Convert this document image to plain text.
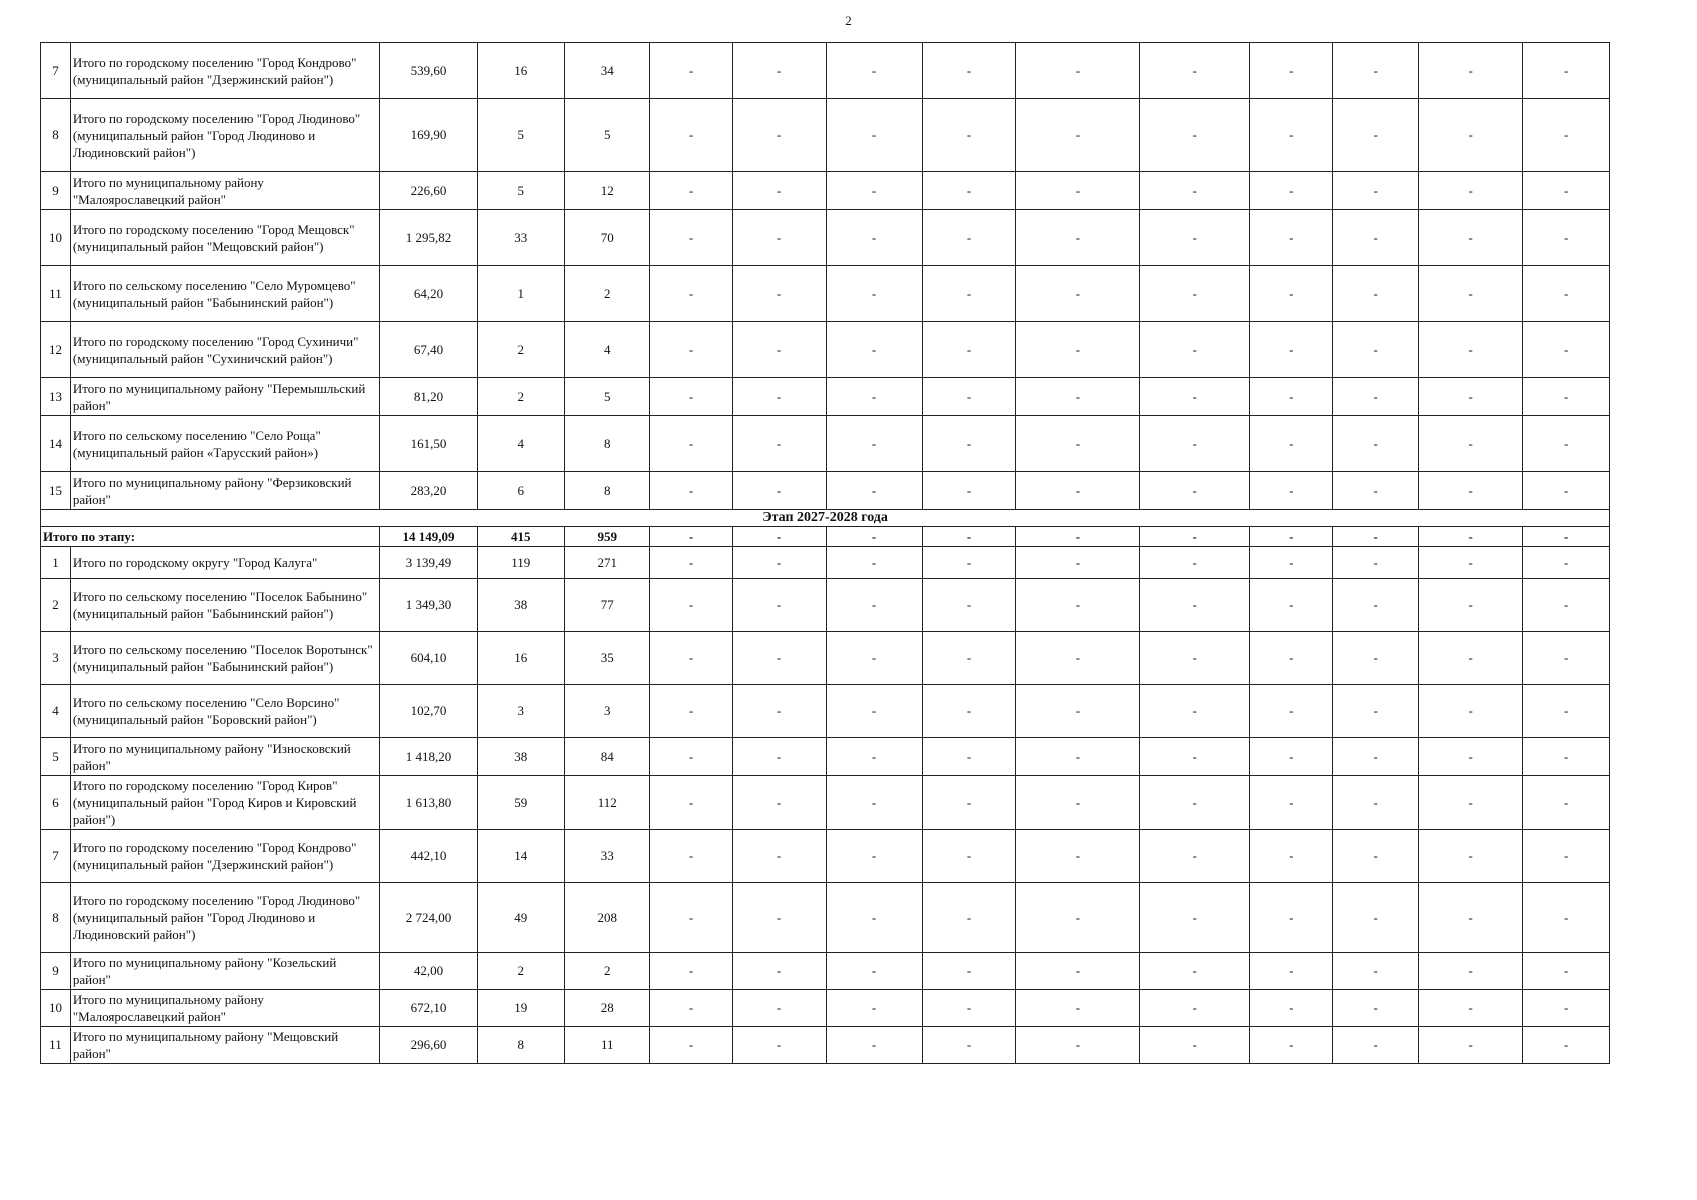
2
7	Итого по городскому поселению "Город Кондрово" (муниципальный район "Дзержинский район")	539,60	16	34	-	-	-	-	-	-	-	-	-	-
8	Итого по городскому поселению "Город Людиново" (муниципальный район "Город Людиново и Людиновский район")	169,90	5	5	-	-	-	-	-	-	-	-	-	-
9	Итого по муниципальному району "Малоярославецкий район"	226,60	5	12	-	-	-	-	-	-	-	-	-	-
10	Итого по городскому поселению "Город Мещовск" (муниципальный район "Мещовский район")	1 295,82	33	70	-	-	-	-	-	-	-	-	-	-
11	Итого по сельскому поселению "Село Муромцево" (муниципальный район "Бабынинский район")	64,20	1	2	-	-	-	-	-	-	-	-	-	-
12	Итого по городскому поселению "Город Сухиничи" (муниципальный район "Сухиничский район")	67,40	2	4	-	-	-	-	-	-	-	-	-	-
13	Итого по муниципальному району "Перемышльский район"	81,20	2	5	-	-	-	-	-	-	-	-	-	-
14	Итого по сельскому поселению "Село Роща" (муниципальный район «Тарусский район»)	161,50	4	8	-	-	-	-	-	-	-	-	-	-
15	Итого по муниципальному району "Ферзиковский район"	283,20	6	8	-	-	-	-	-	-	-	-	-	-
Этап 2027-2028 года														
Итого по этапу:		14 149,09	415	959	-	-	-	-	-	-	-	-	-	-
1	Итого по городскому округу "Город Калуга"	3 139,49	119	271	-	-	-	-	-	-	-	-	-	-
2	Итого по сельскому поселению "Поселок Бабынино" (муниципальный район "Бабынинский район")	1 349,30	38	77	-	-	-	-	-	-	-	-	-	-
3	Итого по сельскому поселению "Поселок Воротынск" (муниципальный район "Бабынинский район")	604,10	16	35	-	-	-	-	-	-	-	-	-	-
4	Итого по сельскому поселению "Село Ворсино" (муниципальный район "Боровский район")	102,70	3	3	-	-	-	-	-	-	-	-	-	-
5	Итого по муниципальному району "Износковский район"	1 418,20	38	84	-	-	-	-	-	-	-	-	-	-
6	Итого по городскому поселению "Город Киров" (муниципальный район "Город Киров и Кировский район")	1 613,80	59	112	-	-	-	-	-	-	-	-	-	-
7	Итого по городскому поселению "Город Кондрово" (муниципальный район "Дзержинский район")	442,10	14	33	-	-	-	-	-	-	-	-	-	-
8	Итого по городскому поселению "Город Людиново" (муниципальный район "Город Людиново и Людиновский район")	2 724,00	49	208	-	-	-	-	-	-	-	-	-	-
9	Итого по муниципальному району "Козельский район"	42,00	2	2	-	-	-	-	-	-	-	-	-	-
10	Итого по муниципальному району "Малоярославецкий район"	672,10	19	28	-	-	-	-	-	-	-	-	-	-
11	Итого по муниципальному району "Мещовский район"	296,60	8	11	-	-	-	-	-	-	-	-	-	-
